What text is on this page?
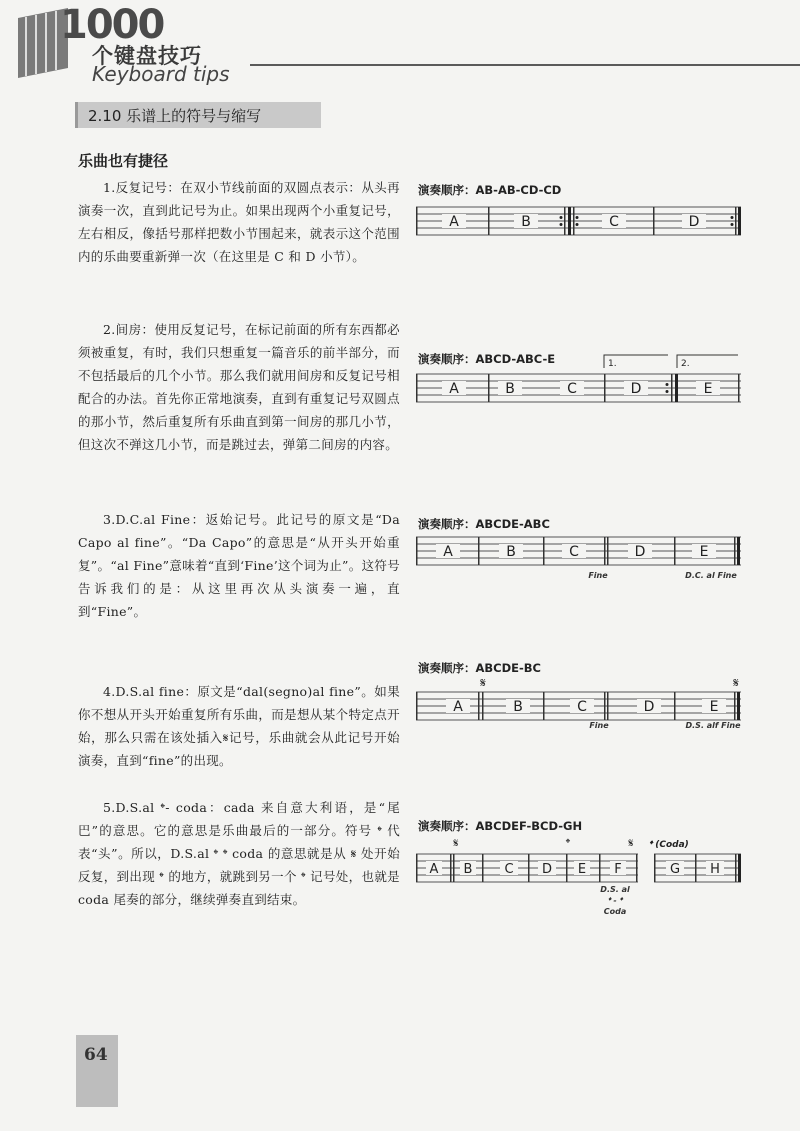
1000
个键盘技巧
Keyboard tips
2.10 乐谱上的符号与缩写
乐曲也有捷径
1.反复记号：在双小节线前面的双圆点表示：从头再演奏一次，直到此记号为止。如果出现两个小重复记号，左右相反，像括号那样把数小节围起来，就表示这个范围内的乐曲要重新弹一次（在这里是 C 和 D 小节）。
2.间房：使用反复记号，在标记前面的所有东西都必须被重复，有时，我们只想重复一篇音乐的前半部分，而不包括最后的几个小节。那么我们就用间房和反复记号相配合的办法。首先你正常地演奏，直到有重复记号双圆点的那小节，然后重复所有乐曲直到第一间房的那几小节，但这次不弹这几小节，而是跳过去，弹第二间房的内容。
3.D.C.al Fine：返始记号。此记号的原文是“Da Capo al fine”。“Da Capo”的意思是“从开头开始重复”。“al Fine”意味着“直到‘Fine’这个词为止”。这符号告诉我们的是：从这里再次从头演奏一遍，直到“Fine”。
4.D.S.al fine：原文是“dal(segno)al fine”。如果你不想从开头开始重复所有乐曲，而是想从某个特定点开始，那么只需在该处插入𝄋记号，乐曲就会从此记号开始演奏，直到“fine”的出现。
5.D.S.al 𝄌- coda：cada 来自意大利语，是“尾巴”的意思。它的意思是乐曲最后的一部分。符号 𝄌 代表“头”。所以，D.S.al 𝄌 𝄌 coda 的意思就是从 𝄋 处开始反复，到出现 𝄌 的地方，就跳到另一个 𝄌 记号处，也就是 coda 尾奏的部分，继续弹奏直到结束。
演奏顺序：AB-AB-CD-CD
A	B	C	D
演奏顺序：ABCD-ABC-E	1.	2.
A	B	C	D	E
演奏顺序：ABCDE-ABC
A	B	C	D	E
Fine	D.C. al Fine
演奏顺序：ABCDE-BC
𝄋	𝄋
A	B	C	D	E
Fine	D.S. alf Fine
演奏顺序：ABCDEF-BCD-GH
𝄋	𝄌	𝄋 𝄌 (Coda)
A B C D E F	G H
D.S. al
𝄌 - 𝄌
Coda
64
